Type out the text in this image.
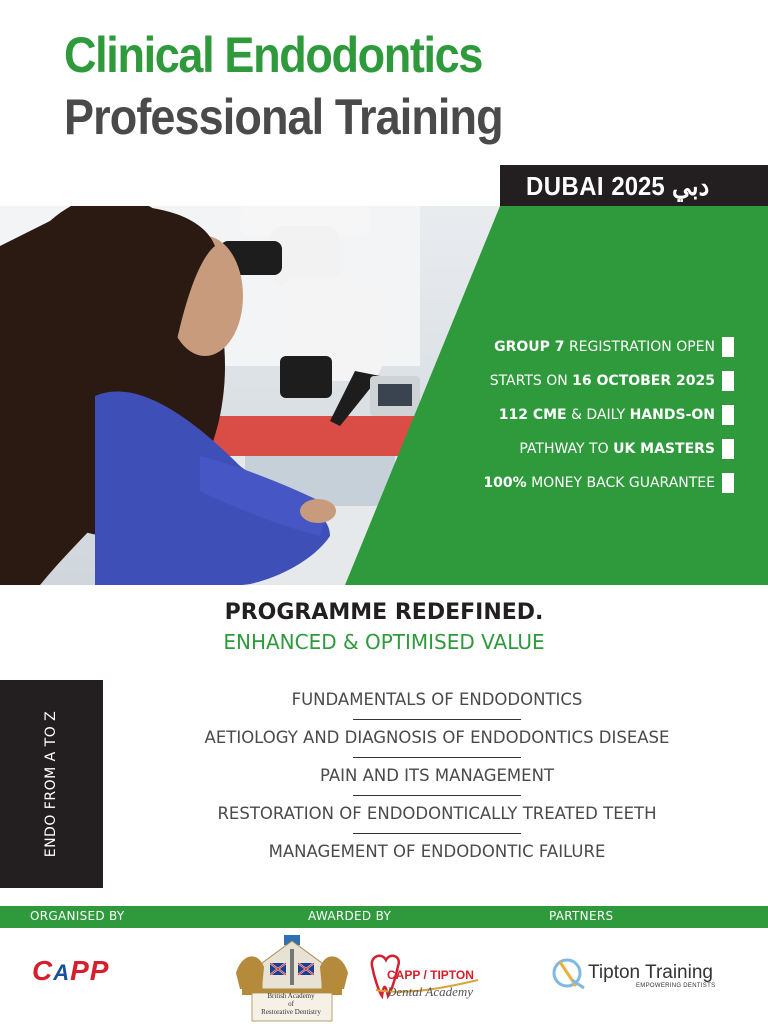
Clinical Endodontics
Professional Training
DUBAI	دبي2025
GROUP 7 REGISTRATION OPEN
STARTS ON 16 OCTOBER 2025
112 CME & DAILY HANDS-ON
PATHWAY TO UK MASTERS
100% MONEY BACK GUARANTEE
PROGRAMME REDEFINED.
ENHANCED & OPTIMISED VALUE
ENDO FROM A TO Z
FUNDAMENTALS OF ENDODONTICS
AETIOLOGY AND DIAGNOSIS OF ENDODONTICS DISEASE
PAIN AND ITS MANAGEMENT
RESTORATION OF ENDODONTICALLY TREATED TEETH
MANAGEMENT OF ENDODONTIC FAILURE
ORGANISED BY	AWARDED BY	PARTNERS
CAPP
British Academy
of
Restorative Dentistry
CAPP / TIPTON
Dental Academy
Tipton Training
EMPOWERING DENTISTS
